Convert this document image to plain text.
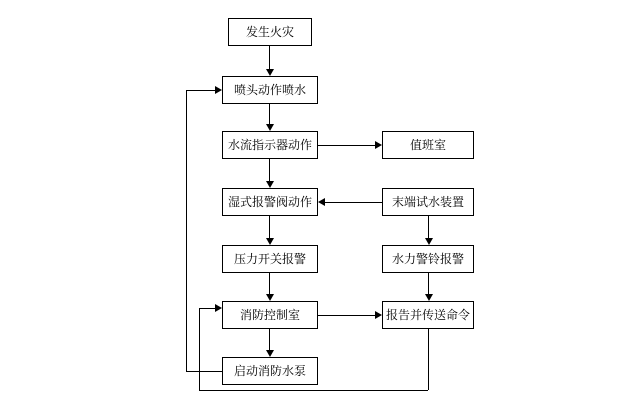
发生火灾
喷头动作喷水
水流指示器动作	值班室
湿式报警阀动作	末端试水装置
压力开关报警	水力警铃报警
消防控制室	报告并传送命令
启动消防水泵
